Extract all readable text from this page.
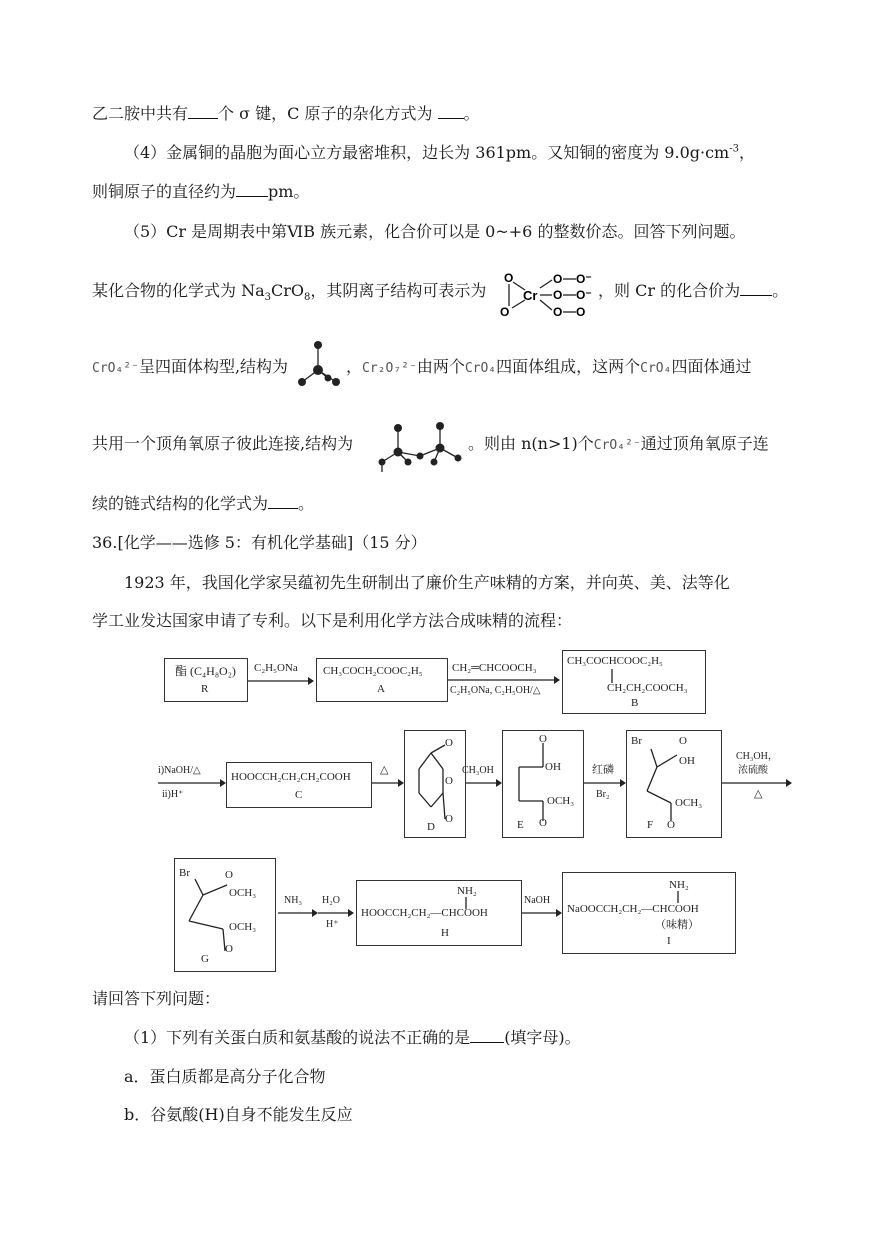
乙二胺中共有 个 σ 键，C 原子的杂化方式为 。
（4）金属铜的晶胞为面心立方最密堆积，边长为 361pm。又知铜的密度为 $9.0g\cdot cm^{-3}$，
则铜原子的直径约为 pm。
（5）Cr 是周期表中第ⅥB 族元素，化合价可以是 0~+6 的整数价态。回答下列问题。
某化合物的化学式为 $Na_3CrO_8$，其阴离子结构可表示为
O
O
Cr
O
O
O
O⁻
O⁻
O
，则 Cr 的化合价为 。
CrO₄²⁻呈四面体构型,结构为	，Cr₂O₇²⁻由两个CrO₄四面体组成，这两个CrO₄四面体通过
共用一个顶角氧原子彼此连接,结构为	。则由 n(n>1)个CrO₄²⁻通过顶角氧原子连
续的链式结构的化学式为 。
36.[化学——选修 5：有机化学基础]（15 分）
1923 年，我国化学家吴蕴初先生研制出了廉价生产味精的方案，并向英、美、法等化
学工业发达国家申请了专利。以下是利用化学方法合成味精的流程：
酯 (C₄H₈O₂)
R
C₂H₅ONa CH₃COCH₂COOC₂H₅
A
CH₂═CHCOOCH₃
C₂H₅ONa, C₂H₅OH/△
CH₃COCHCOOC₂H₅
CH₂CH₂COOCH₃
B
i)NaOH/△
ii)H⁺
HOOCCH₂CH₂CH₂COOH
C
△
O
O
O
D
CH₃OH
O
OH
OCH₃
O
E
红磷
Br₂
Br	O
OH
OCH₃
O
F
CH₃OH，
浓硫酸
△
Br	O
OCH₃
OCH₃
O
G
NH₃ H₂O
H⁺
NH₂
HOOCCH₂CH₂—CHCOOH
H
NaOH
NH₂
NaOOCCH₂CH₂—CHCOOH
（味精）
I
请回答下列问题：
（1）下列有关蛋白质和氨基酸的说法不正确的是 (填字母)。
a．蛋白质都是高分子化合物
b．谷氨酸(H)自身不能发生反应
